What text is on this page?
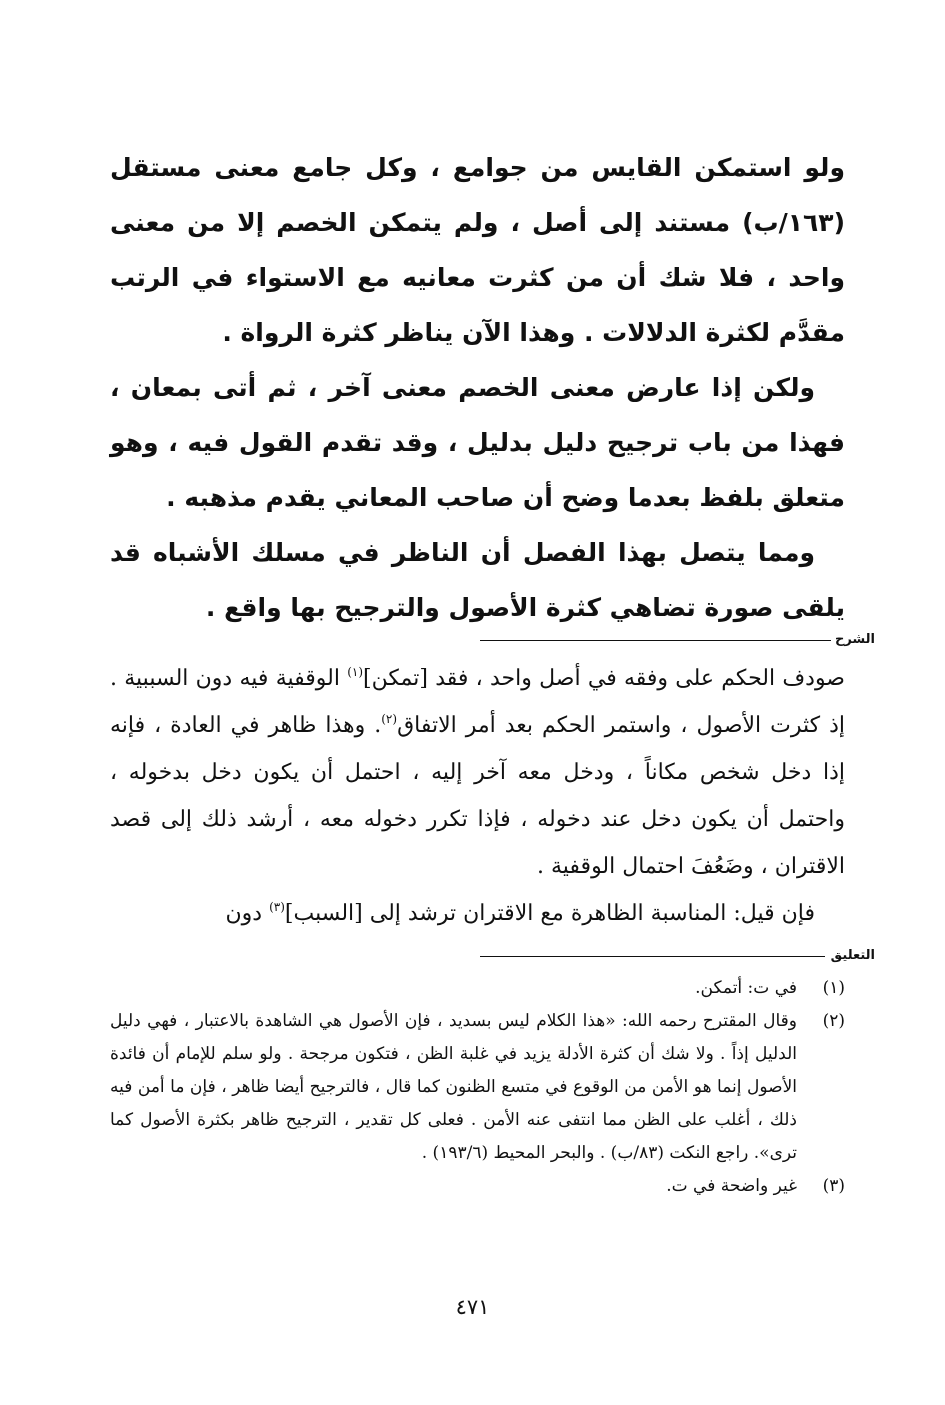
ولو استمكن القايس من جوامع ، وكل جامع معنى مستقل (١٦٣/ب) مستند إلى أصل ، ولم يتمكن الخصم إلا من معنى واحد ، فلا شك أن من كثرت معانيه مع الاستواء في الرتب مقدَّم لكثرة الدلالات . وهذا الآن يناظر كثرة الرواة .

ولكن إذا عارض معنى الخصم معنى آخر ، ثم أتى بمعان ، فهذا من باب ترجيح دليل بدليل ، وقد تقدم القول فيه ، وهو متعلق بلفظ بعدما وضح أن صاحب المعاني يقدم مذهبه .

ومما يتصل بهذا الفصل أن الناظر في مسلك الأشباه قد يلقى صورة تضاهي كثرة الأصول والترجيح بها واقع .

الشرح

صودف الحكم على وفقه في أصل واحد ، فقد [تمكن]$^{(١)}$ الوقفية فيه دون السببية . إذ كثرت الأصول ، واستمر الحكم بعد أمر الاتفاق$^{(٢)}$. وهذا ظاهر في العادة ، فإنه إذا دخل شخص مكاناً ، ودخل معه آخر إليه ، احتمل أن يكون دخل بدخوله ، واحتمل أن يكون دخل عند دخوله ، فإذا تكرر دخوله معه ، أرشد ذلك إلى قصد الاقتران ، وضَعُفَ احتمال الوقفية .

فإن قيل: المناسبة الظاهرة مع الاقتران ترشد إلى [السبب]$^{(٣)}$ دون

التعليق
(١)
في ت: أتمكن.
(٢)
وقال المقترح رحمه الله: «هذا الكلام ليس بسديد ، فإن الأصول هي الشاهدة بالاعتبار ، فهي دليل الدليل إذاً . ولا شك أن كثرة الأدلة يزيد في غلبة الظن ، فتكون مرجحة . ولو سلم للإمام أن فائدة الأصول إنما هو الأمن من الوقوع في متسع الظنون كما قال ، فالترجيح أيضا ظاهر ، فإن ما أمن فيه ذلك ، أغلب على الظن مما انتفى عنه الأمن . فعلى كل تقدير ، الترجيح ظاهر بكثرة الأصول كما ترى». راجع النكت (٨٣/ب) . والبحر المحيط (١٩٣/٦) .
(٣)
غير واضحة في ت.
٤٧١
